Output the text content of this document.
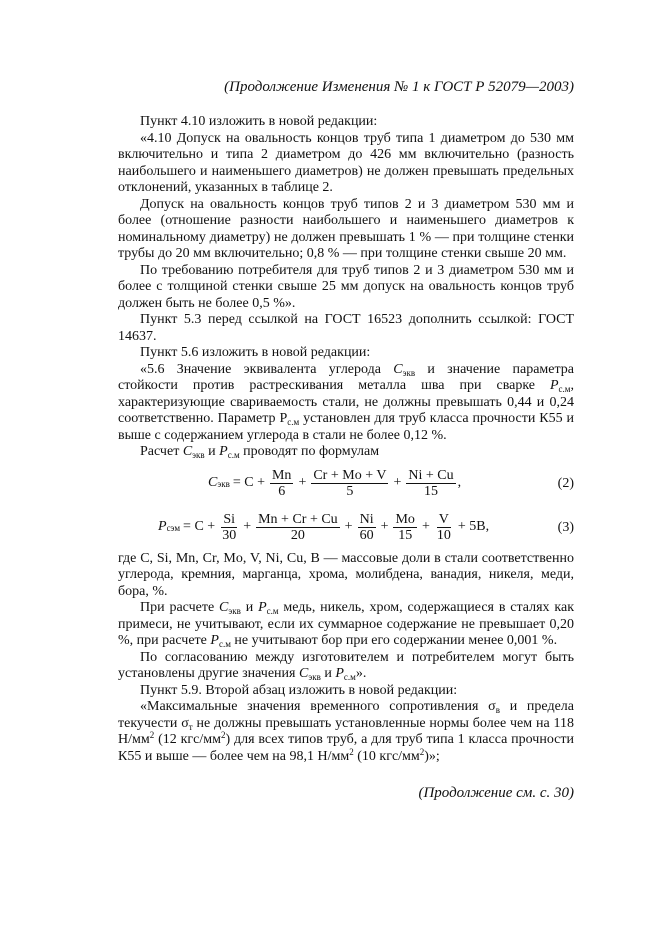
(Продолжение Изменения № 1 к ГОСТ Р 52079—2003)

Пункт 4.10 изложить в новой редакции:

«4.10 Допуск на овальность концов труб типа 1 диаметром до 530 мм включительно и типа 2 диаметром до 426 мм включительно (разность наибольшего и наименьшего диаметров) не должен превышать предельных отклонений, указанных в таблице 2.

Допуск на овальность концов труб типов 2 и 3 диаметром 530 мм и более (отношение разности наибольшего и наименьшего диаметров к номинальному диаметру) не должен превышать 1 % — при толщине стенки трубы до 20 мм включительно; 0,8 % — при толщине стенки свыше 20 мм.

По требованию потребителя для труб типов 2 и 3 диаметром 530 мм и более с толщиной стенки свыше 25 мм допуск на овальность концов труб должен быть не более 0,5 %».

Пункт 5.3 перед ссылкой на ГОСТ 16523 дополнить ссылкой: ГОСТ 14637.

Пункт 5.6 изложить в новой редакции:

«5.6 Значение эквивалента углерода $C_{экв}$ и значение параметра стойкости против растрескивания металла шва при сварке $P_{с.м}$, характеризующие свариваемость стали, не должны превышать 0,44 и 0,24 соответственно. Параметр $P_{с.м}$ установлен для труб класса прочности К55 и выше с содержанием углерода в стали не более 0,12 %.

Расчет $C_{экв}$ и $P_{с.м}$ проводят по формулам

C экв = $C + \frac{Mn}{6} + \frac{Cr + Mo + V}{5} + \frac{Ni + Cu}{15}$ ,	(2)
P cэм = $C + \frac{Si}{30} + \frac{Mn + Cr + Cu}{20} + \frac{Ni}{60} + \frac{Mo}{15} + \frac{V}{10} + 5B$,	(3)

где C, Si, Mn, Cr, Mo, V, Ni, Cu, B — массовые доли в стали соответственно углерода, кремния, марганца, хрома, молибдена, ванадия, никеля, меди, бора, %.

При расчете $C_{экв}$ и $P_{с.м}$ медь, никель, хром, содержащиеся в сталях как примеси, не учитывают, если их суммарное содержание не превышает 0,20 %, при расчете $P_{с.м}$ не учитывают бор при его содержании менее 0,001 %.

По согласованию между изготовителем и потребителем могут быть установлены другие значения $C_{экв}$ и $P_{с.м}$».

Пункт 5.9. Второй абзац изложить в новой редакции:

«Максимальные значения временного сопротивления $\sigma_в$ и предела текучести $\sigma_т$ не должны превышать установленные нормы более чем на 118 $Н/мм^2$ (12 кгс/$мм^2$) для всех типов труб, а для труб типа 1 класса прочности К55 и выше — более чем на 98,1 $Н/мм^2$ (10 кгс/$мм^2$)»;

(Продолжение см. с. 30)
